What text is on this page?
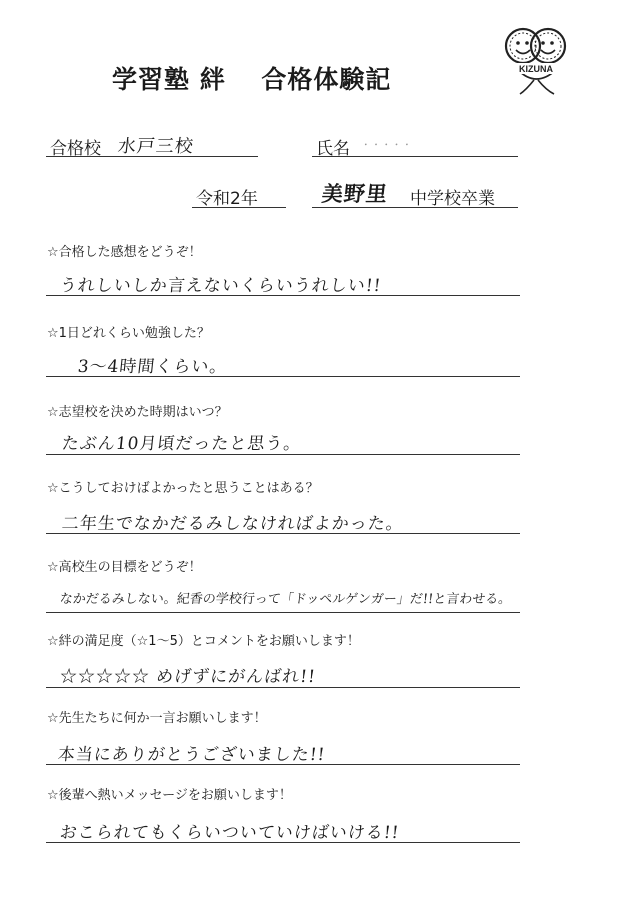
学習塾 絆　 合格体験記	KIZUNA
合格校 水戸三校	氏名 . . . . .
令和2年	美野里 中学校卒業
☆合格した感想をどうぞ！
うれしいしか言えないくらいうれしい!!
☆1日どれくらい勉強した？
3〜4時間くらい。
☆志望校を決めた時期はいつ？
たぶん10月頃だったと思う。
☆こうしておけばよかったと思うことはある？
二年生でなかだるみしなければよかった。
☆高校生の目標をどうぞ！
なかだるみしない。紀香の学校行って「ドッペルゲンガー」だ!!と言わせる。
☆絆の満足度（☆1～5）とコメントをお願いします！
☆☆☆☆☆ めげずにがんばれ!!
☆先生たちに何か一言お願いします！
本当にありがとうございました!!
☆後輩へ熱いメッセージをお願いします！
おこられてもくらいついていけばいける!!
